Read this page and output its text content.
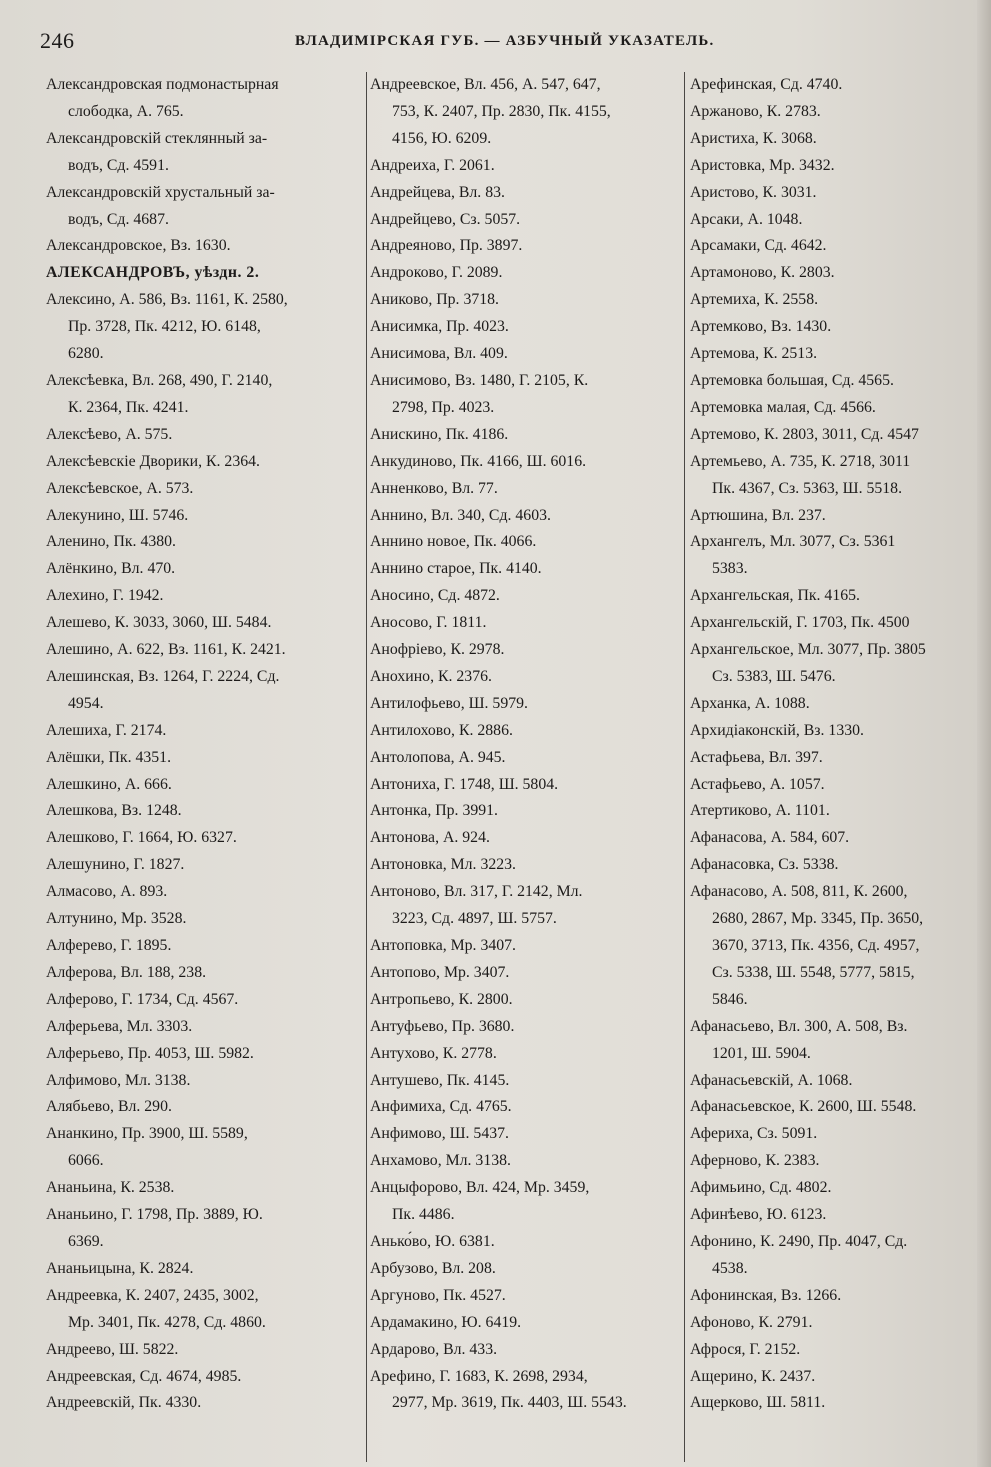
246	ВЛАДИМІРСКАЯ ГУБ. — АЗБУЧНЫЙ УКАЗАТЕЛЬ.
Александровская подмонастырная
слободка, А. 765.
Александровскій стеклянный за-
водъ, Сд. 4591.
Александровскій хрустальный за-
водъ, Сд. 4687.
Александровское, Вз. 1630.
АЛЕКСАНДРОВЪ, уѣздн. 2.
Алексино, А. 586, Вз. 1161, К. 2580,
Пр. 3728, Пк. 4212, Ю. 6148,
6280.
Алексѣевка, Вл. 268, 490, Г. 2140,
К. 2364, Пк. 4241.
Алексѣево, А. 575.
Алексѣевскіе Дворики, К. 2364.
Алексѣевское, А. 573.
Алекунино, Ш. 5746.
Аленино, Пк. 4380.
Алёнкино, Вл. 470.
Алехино, Г. 1942.
Алешево, К. 3033, 3060, Ш. 5484.
Алешино, А. 622, Вз. 1161, К. 2421.
Алешинская, Вз. 1264, Г. 2224, Сд.
4954.
Алешиха, Г. 2174.
Алёшки, Пк. 4351.
Алешкино, А. 666.
Алешкова, Вз. 1248.
Алешково, Г. 1664, Ю. 6327.
Алешунино, Г. 1827.
Алмасово, А. 893.
Алтунино, Мр. 3528.
Алферево, Г. 1895.
Алферова, Вл. 188, 238.
Алферово, Г. 1734, Сд. 4567.
Алферьева, Мл. 3303.
Алферьево, Пр. 4053, Ш. 5982.
Алфимово, Мл. 3138.
Алябьево, Вл. 290.
Ананкино, Пр. 3900, Ш. 5589,
6066.
Ананьина, К. 2538.
Ананьино, Г. 1798, Пр. 3889, Ю.
6369.
Ананьицына, К. 2824.
Андреевка, К. 2407, 2435, 3002,
Мр. 3401, Пк. 4278, Сд. 4860.
Андреево, Ш. 5822.
Андреевская, Сд. 4674, 4985.
Андреевскій, Пк. 4330.
Андреевское, Вл. 456, А. 547, 647,
753, К. 2407, Пр. 2830, Пк. 4155,
4156, Ю. 6209.
Андреиха, Г. 2061.
Андрейцева, Вл. 83.
Андрейцево, Сз. 5057.
Андреяново, Пр. 3897.
Андроково, Г. 2089.
Аниково, Пр. 3718.
Анисимка, Пр. 4023.
Анисимова, Вл. 409.
Анисимово, Вз. 1480, Г. 2105, К.
2798, Пр. 4023.
Анискино, Пк. 4186.
Анкудиново, Пк. 4166, Ш. 6016.
Анненково, Вл. 77.
Аннино, Вл. 340, Сд. 4603.
Аннино новое, Пк. 4066.
Аннино старое, Пк. 4140.
Аносино, Сд. 4872.
Аносово, Г. 1811.
Анофріево, К. 2978.
Анохино, К. 2376.
Антилофьево, Ш. 5979.
Антилохово, К. 2886.
Антолопова, А. 945.
Антониха, Г. 1748, Ш. 5804.
Антонка, Пр. 3991.
Антонова, А. 924.
Антоновка, Мл. 3223.
Антоново, Вл. 317, Г. 2142, Мл.
3223, Сд. 4897, Ш. 5757.
Антоповка, Мр. 3407.
Антопово, Мр. 3407.
Антропьево, К. 2800.
Антуфьево, Пр. 3680.
Антухово, К. 2778.
Антушево, Пк. 4145.
Анфимиха, Сд. 4765.
Анфимово, Ш. 5437.
Анхамово, Мл. 3138.
Анцыфорово, Вл. 424, Мр. 3459,
Пк. 4486.
Анько́во, Ю. 6381.
Арбузово, Вл. 208.
Аргуново, Пк. 4527.
Ардамакино, Ю. 6419.
Ардарово, Вл. 433.
Арефино, Г. 1683, К. 2698, 2934,
2977, Мр. 3619, Пк. 4403, Ш. 5543.
Арефинская, Сд. 4740.
Аржаново, К. 2783.
Аристиха, К. 3068.
Аристовка, Мр. 3432.
Аристово, К. 3031.
Арсаки, А. 1048.
Арсамаки, Сд. 4642.
Артамоново, К. 2803.
Артемиха, К. 2558.
Артемково, Вз. 1430.
Артемова, К. 2513.
Артемовка большая, Сд. 4565.
Артемовка малая, Сд. 4566.
Артемово, К. 2803, 3011, Сд. 4547
Артемьево, А. 735, К. 2718, 3011
Пк. 4367, Сз. 5363, Ш. 5518.
Артюшина, Вл. 237.
Архангелъ, Мл. 3077, Сз. 5361
5383.
Архангельская, Пк. 4165.
Архангельскій, Г. 1703, Пк. 4500
Архангельское, Мл. 3077, Пр. 3805
Сз. 5383, Ш. 5476.
Арханка, А. 1088.
Архидіаконскій, Вз. 1330.
Астафьева, Вл. 397.
Астафьево, А. 1057.
Атертиково, А. 1101.
Афанасова, А. 584, 607.
Афанасовка, Сз. 5338.
Афанасово, А. 508, 811, К. 2600,
2680, 2867, Мр. 3345, Пр. 3650,
3670, 3713, Пк. 4356, Сд. 4957,
Сз. 5338, Ш. 5548, 5777, 5815,
5846.
Афанасьево, Вл. 300, А. 508, Вз.
1201, Ш. 5904.
Афанасьевскій, А. 1068.
Афанасьевское, К. 2600, Ш. 5548.
Афериха, Сз. 5091.
Афернoво, К. 2383.
Афимьино, Сд. 4802.
Афинѣево, Ю. 6123.
Афонино, К. 2490, Пр. 4047, Сд.
4538.
Афонинская, Вз. 1266.
Афоново, К. 2791.
Афрося, Г. 2152.
Ащерино, К. 2437.
Ащерково, Ш. 5811.
